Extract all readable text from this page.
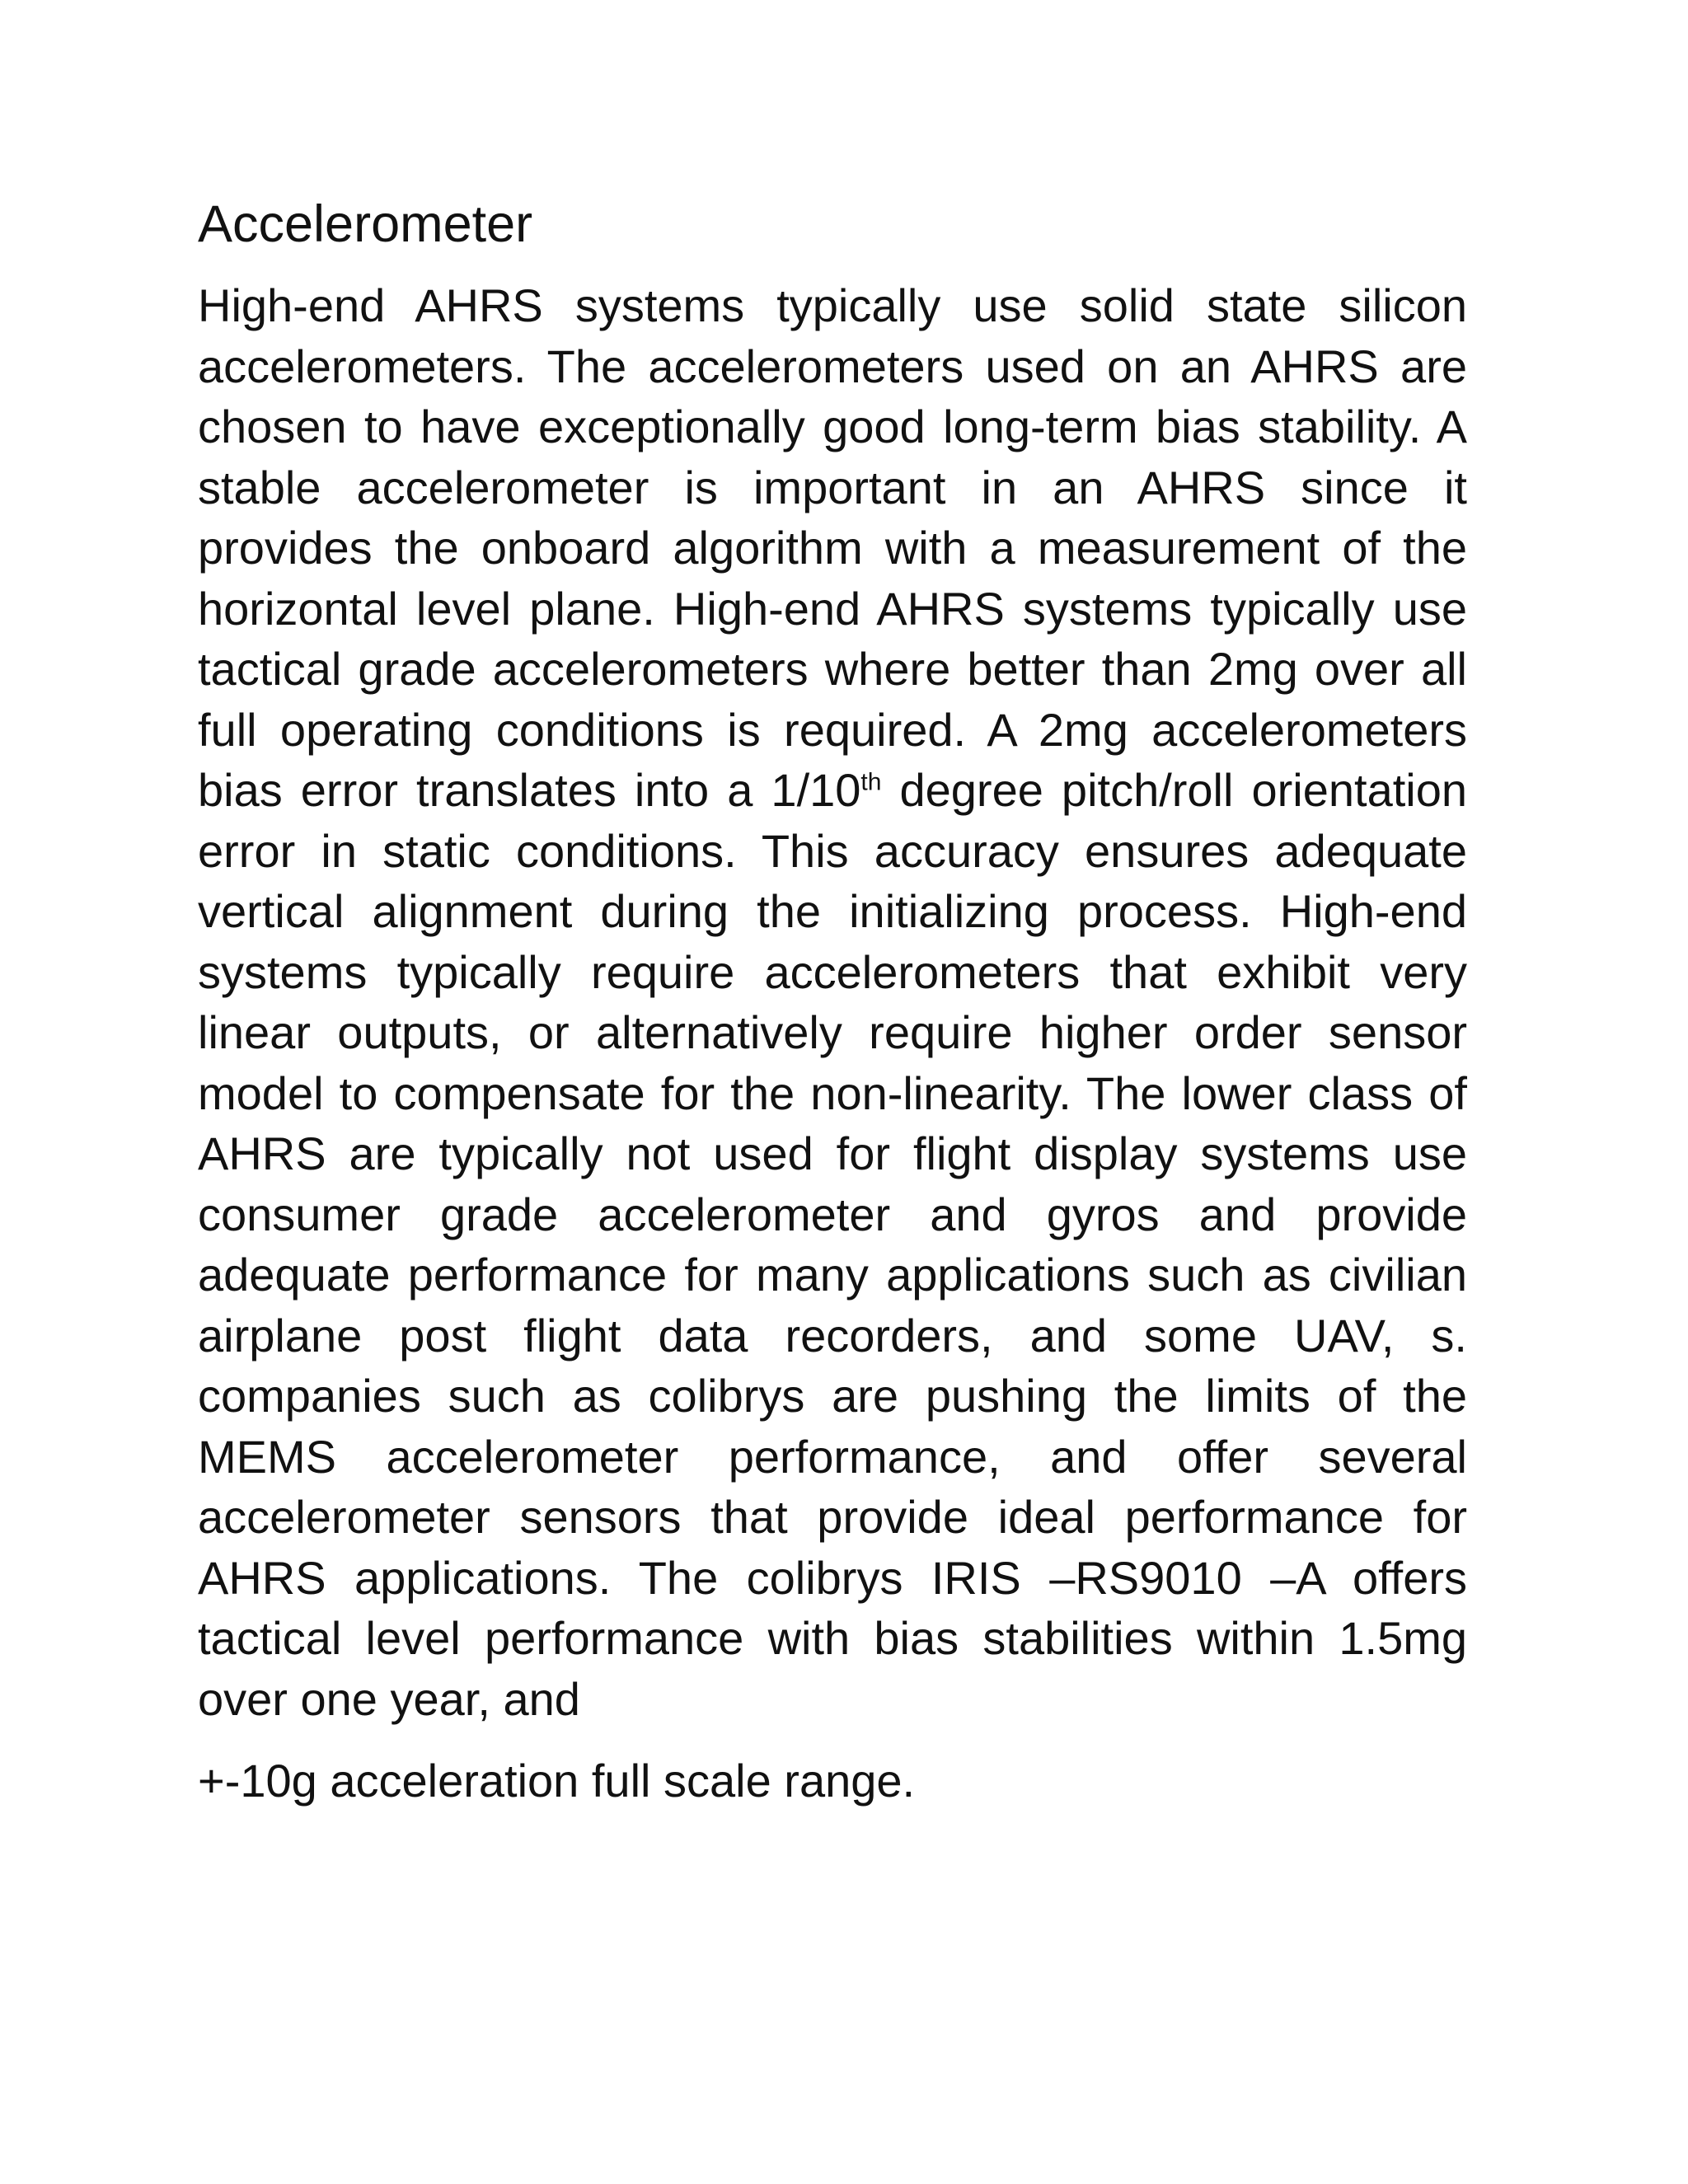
Accelerometer

High-end AHRS systems typically use solid state silicon accelerometers. The accelerometers used on an AHRS are chosen to have exceptionally good long-term bias stability. A stable accelerometer is important in an AHRS since it provides the onboard algorithm with a measurement of the horizontal level plane. High-end AHRS systems typically use tactical grade accelerometers where better than 2mg over all full operating conditions is required. A 2mg accelerometers bias error translates into a 1/10th degree pitch/roll orientation error in static conditions. This accuracy ensures adequate vertical alignment during the initializing process. High-end systems typically require accelerometers that exhibit very linear outputs, or alternatively require higher order sensor model to compensate for the non-linearity. The lower class of AHRS are typically not used for flight display systems use consumer grade accelerometer and gyros and provide adequate performance for many applications such as civilian airplane post flight data recorders, and some UAV, s. companies such as colibrys are pushing the limits of the MEMS accelerometer performance, and offer several accelerometer sensors that provide ideal performance for AHRS applications. The colibrys IRIS –RS9010 –A offers tactical level performance with bias stabilities within 1.5mg over one year, and

+-10g acceleration full scale range.
